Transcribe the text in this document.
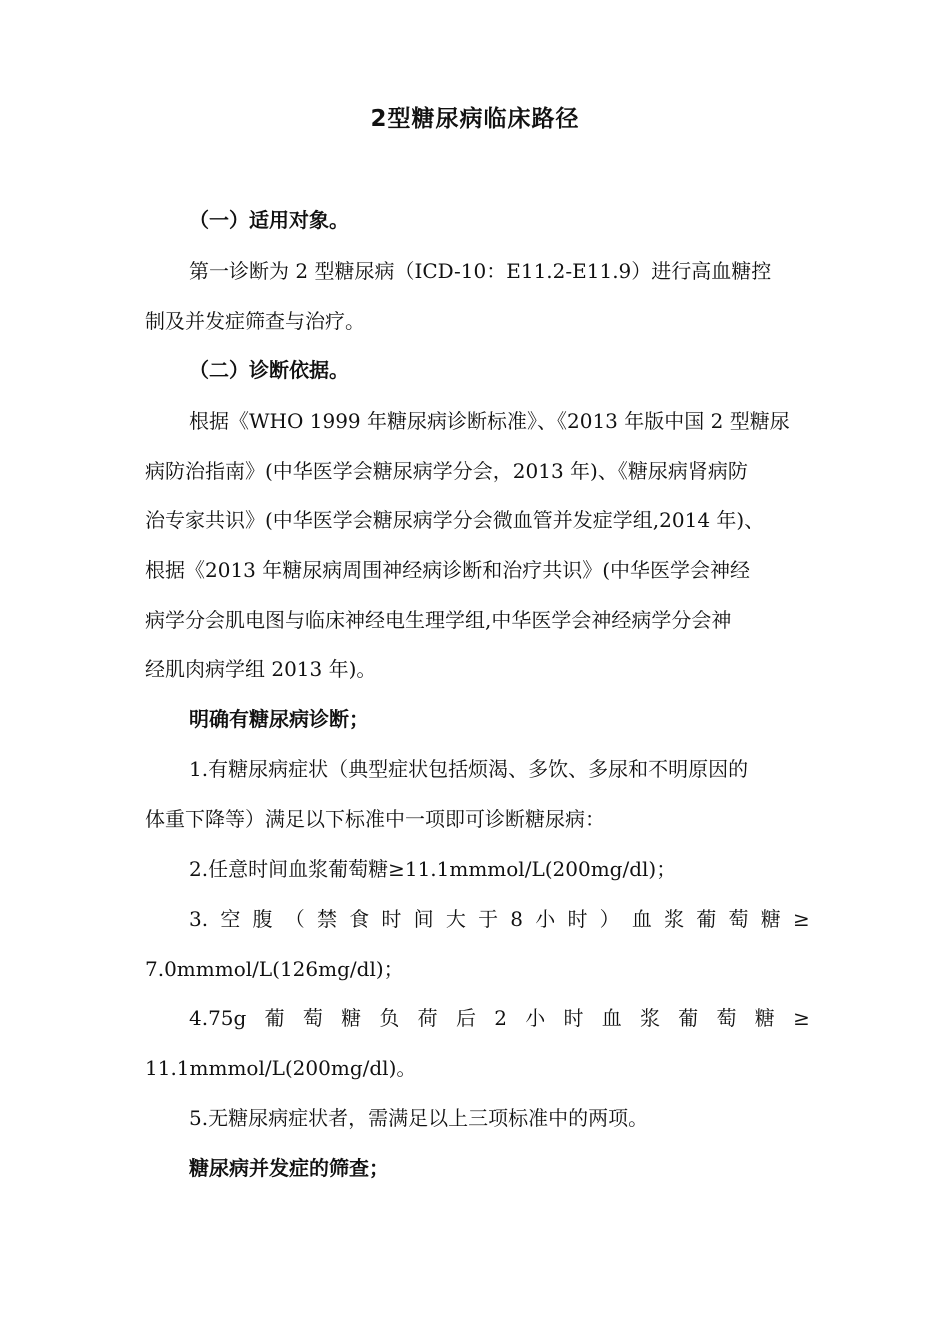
2型糖尿病临床路径
（一）适用对象。
第一诊断为 2 型糖尿病（ICD-10：E11.2-E11.9）进行高血糖控
制及并发症筛查与治疗。
（二）诊断依据。
根据《WHO 1999 年糖尿病诊断标准》、《2013 年版中国 2 型糖尿
病防治指南》(中华医学会糖尿病学分会，2013 年)、《糖尿病肾病防
治专家共识》(中华医学会糖尿病学分会微血管并发症学组,2014 年)、
根据《2013 年糖尿病周围神经病诊断和治疗共识》(中华医学会神经
病学分会肌电图与临床神经电生理学组,中华医学会神经病学分会神
经肌肉病学组 2013 年)。
明确有糖尿病诊断；
1.有糖尿病症状（典型症状包括烦渴、多饮、多尿和不明原因的
体重下降等）满足以下标准中一项即可诊断糖尿病：
2.任意时间血浆葡萄糖≥11.1mmmol/L(200mg/dl)；
3. 空 腹 （ 禁 食 时 间 大 于 8 小 时 ） 血 浆 葡 萄 糖 ≥
7.0mmmol/L(126mg/dl)；
4.75g 葡 萄 糖 负 荷 后 2 小 时 血 浆 葡 萄 糖 ≥
11.1mmmol/L(200mg/dl)。
5.无糖尿病症状者，需满足以上三项标准中的两项。
糖尿病并发症的筛查；
